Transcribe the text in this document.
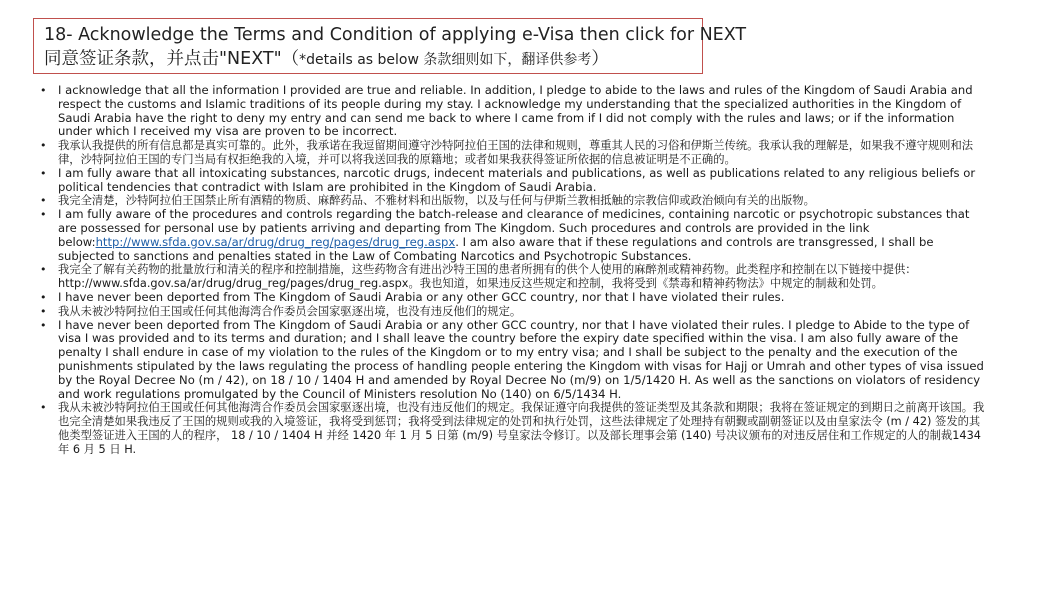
18- Acknowledge the Terms and Condition of applying e-Visa then click for NEXT
同意签证条款，并点击"NEXT"（*details as below 条款细则如下，翻译供参考）
• I acknowledge that all the information I provided are true and reliable. In addition, I pledge to abide to the laws and rules of the Kingdom of Saudi Arabia and respect the customs and Islamic traditions of its people during my stay. I acknowledge my understanding that the specialized authorities in the Kingdom of Saudi Arabia have the right to deny my entry and can send me back to where I came from if I did not comply with the rules and laws; or if the information under which I received my visa are proven to be incorrect.
• 我承认我提供的所有信息都是真实可靠的。此外，我承诺在我逗留期间遵守沙特阿拉伯王国的法律和规则，尊重其人民的习俗和伊斯兰传统。我承认我的理解是，如果我不遵守规则和法律，沙特阿拉伯王国的专门当局有权拒绝我的入境，并可以将我送回我的原籍地；或者如果我获得签证所依据的信息被证明是不正确的。
• I am fully aware that all intoxicating substances, narcotic drugs, indecent materials and publications, as well as publications related to any religious beliefs or political tendencies that contradict with Islam are prohibited in the Kingdom of Saudi Arabia.
• 我完全清楚，沙特阿拉伯王国禁止所有酒精的物质、麻醉药品、不雅材料和出版物，以及与任何与伊斯兰教相抵触的宗教信仰或政治倾向有关的出版物。
• I am fully aware of the procedures and controls regarding the batch-release and clearance of medicines, containing narcotic or psychotropic substances that are possessed for personal use by patients arriving and departing from The Kingdom. Such procedures and controls are provided in the link below:http://www.sfda.gov.sa/ar/drug/drug_reg/pages/drug_reg.aspx. I am also aware that if these regulations and controls are transgressed, I shall be subjected to sanctions and penalties stated in the Law of Combating Narcotics and Psychotropic Substances.
• 我完全了解有关药物的批量放行和清关的程序和控制措施，这些药物含有进出沙特王国的患者所拥有的供个人使用的麻醉剂或精神药物。此类程序和控制在以下链接中提供：http://www.sfda.gov.sa/ar/drug/drug_reg/pages/drug_reg.aspx。我也知道，如果违反这些规定和控制，我将受到《禁毒和精神药物法》中规定的制裁和处罚。
• I have never been deported from The Kingdom of Saudi Arabia or any other GCC country, nor that I have violated their rules.
• 我从未被沙特阿拉伯王国或任何其他海湾合作委员会国家驱逐出境，也没有违反他们的规定。
• I have never been deported from The Kingdom of Saudi Arabia or any other GCC country, nor that I have violated their rules. I pledge to Abide to the type of visa I was provided and to its terms and duration; and I shall leave the country before the expiry date specified within the visa. I am also fully aware of the penalty I shall endure in case of my violation to the rules of the Kingdom or to my entry visa; and I shall be subject to the penalty and the execution of the punishments stipulated by the laws regulating the process of handling people entering the Kingdom with visas for Hajj or Umrah and other types of visa issued by the Royal Decree No (m / 42), on 18 / 10 / 1404 H and amended by Royal Decree No (m/9) on 1/5/1420 H. As well as the sanctions on violators of residency and work regulations promulgated by the Council of Ministers resolution No (140) on 6/5/1434 H.
• 我从未被沙特阿拉伯王国或任何其他海湾合作委员会国家驱逐出境，也没有违反他们的规定。我保证遵守向我提供的签证类型及其条款和期限；我将在签证规定的到期日之前离开该国。我也完全清楚如果我违反了王国的规则或我的入境签证，我将受到惩罚；我将受到法律规定的处罚和执行处罚，这些法律规定了处理持有朝觐或副朝签证以及由皇家法令 (m / 42) 签发的其他类型签证进入王国的人的程序， 18 / 10 / 1404 H 并经 1420 年 1 月 5 日第 (m/9) 号皇家法令修订。以及部长理事会第 (140) 号决议颁布的对违反居住和工作规定的人的制裁1434 年 6 月 5 日 H.
